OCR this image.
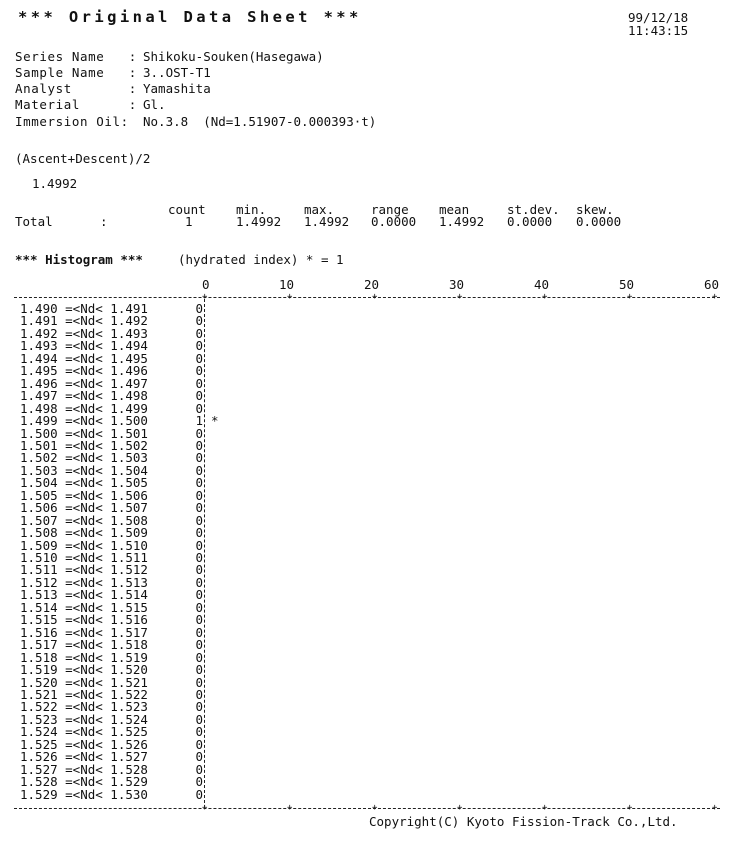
*** Original Data Sheet ***	99/12/18
11:43:15
Series Name   : Shikoku-Souken(Hasegawa)
Sample Name   : 3..OST-T1
Analyst       : Yamashita
Material      : Gl.
Immersion Oil: No.3.8  (Nd=1.51907-0.000393·t)
(Ascent+Descent)/2
1.4992
count min.	max.	range mean	st.dev. skew.
Total	:	1	1.4992 1.4992 0.0000 1.4992 0.0000 0.0000
*** Histogram ***	(hydrated index) * = 1
0	10	20	30	40	50	60
+	+	+	+	+	+	+
+	+	+	+	+	+	+
1.490 =<Nd< 1.491	0
1.491 =<Nd< 1.492	0
1.492 =<Nd< 1.493	0
1.493 =<Nd< 1.494	0
1.494 =<Nd< 1.495	0
1.495 =<Nd< 1.496	0
1.496 =<Nd< 1.497	0
1.497 =<Nd< 1.498	0
1.498 =<Nd< 1.499	0
1.499 =<Nd< 1.500	1 *
1.500 =<Nd< 1.501	0
1.501 =<Nd< 1.502	0
1.502 =<Nd< 1.503	0
1.503 =<Nd< 1.504	0
1.504 =<Nd< 1.505	0
1.505 =<Nd< 1.506	0
1.506 =<Nd< 1.507	0
1.507 =<Nd< 1.508	0
1.508 =<Nd< 1.509	0
1.509 =<Nd< 1.510	0
1.510 =<Nd< 1.511	0
1.511 =<Nd< 1.512	0
1.512 =<Nd< 1.513	0
1.513 =<Nd< 1.514	0
1.514 =<Nd< 1.515	0
1.515 =<Nd< 1.516	0
1.516 =<Nd< 1.517	0
1.517 =<Nd< 1.518	0
1.518 =<Nd< 1.519	0
1.519 =<Nd< 1.520	0
1.520 =<Nd< 1.521	0
1.521 =<Nd< 1.522	0
1.522 =<Nd< 1.523	0
1.523 =<Nd< 1.524	0
1.524 =<Nd< 1.525	0
1.525 =<Nd< 1.526	0
1.526 =<Nd< 1.527	0
1.527 =<Nd< 1.528	0
1.528 =<Nd< 1.529	0
1.529 =<Nd< 1.530	0
Copyright(C) Kyoto Fission-Track Co.,Ltd.
